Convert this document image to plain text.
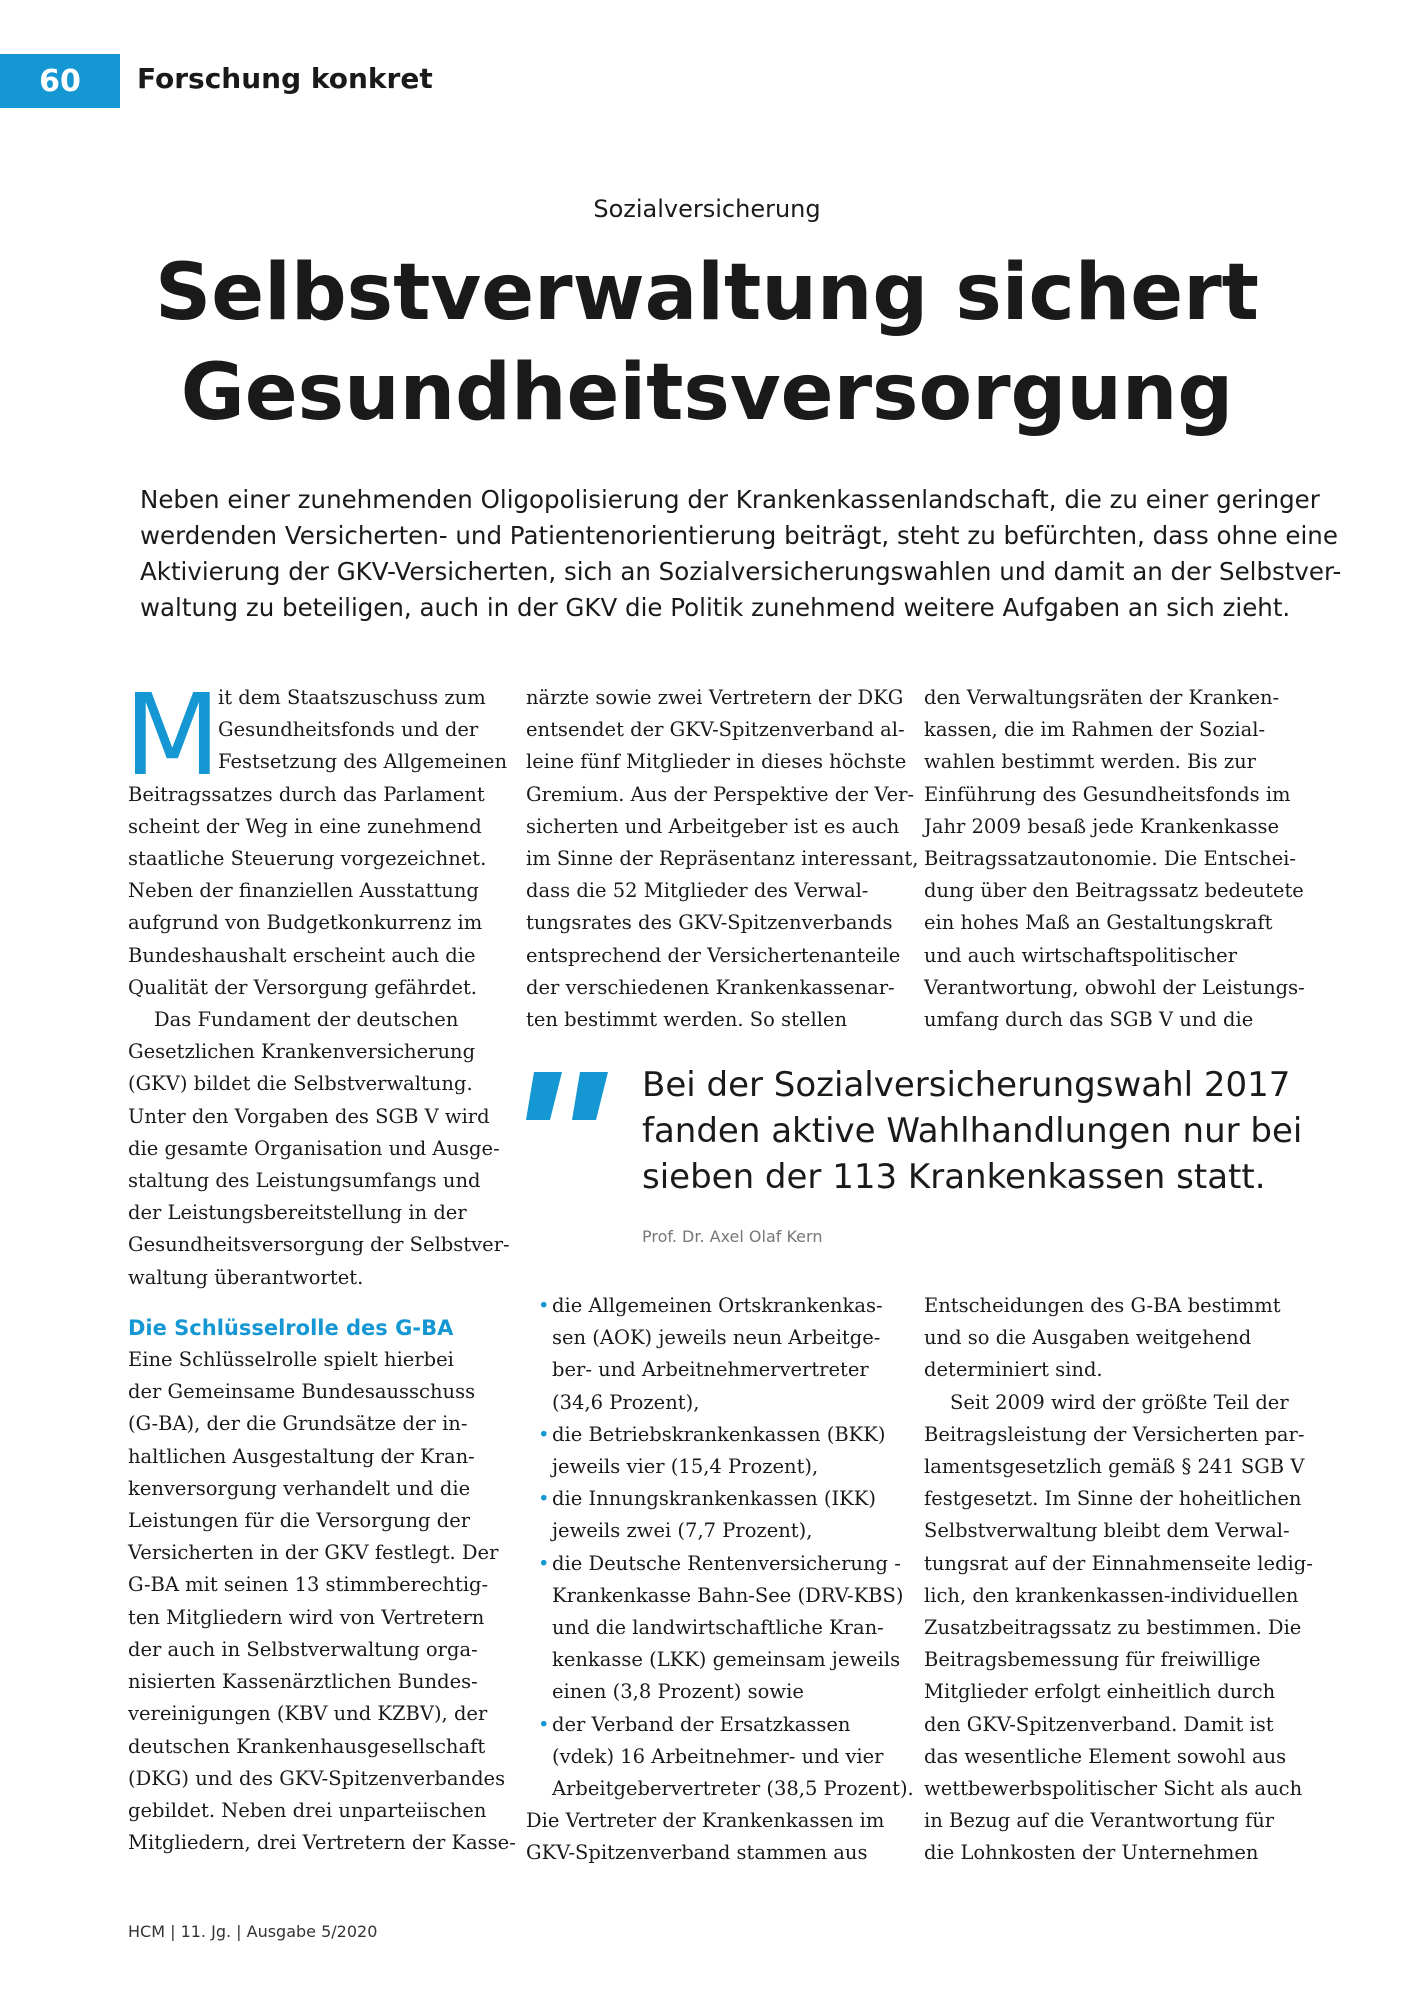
60	Forschung konkret
Sozialversicherung
Selbstverwaltung sichert
Gesundheitsversorgung
Neben einer zunehmenden Oligopolisierung der Krankenkassenlandschaft, die zu einer geringer
werdenden Versicherten- und Patientenorientierung beiträgt, steht zu befürchten, dass ohne eine
Aktivierung der GKV-Versicherten, sich an Sozialversicherungswahlen und damit an der Selbstver-
waltung zu beteiligen, auch in der GKV die Politik zunehmend weitere Aufgaben an sich zieht.
M
it dem Staatszuschuss zum
Gesundheitsfonds und der
Festsetzung des Allgemeinen
Beitragssatzes durch das Parlament
scheint der Weg in eine zunehmend
staatliche Steuerung vorgezeichnet.
Neben der finanziellen Ausstattung
aufgrund von Budgetkonkurrenz im
Bundeshaushalt erscheint auch die
Qualität der Versorgung gefährdet.
Das Fundament der deutschen
Gesetzlichen Krankenversicherung
(GKV) bildet die Selbstverwaltung.
Unter den Vorgaben des SGB V wird
die gesamte Organisation und Ausge-
staltung des Leistungsumfangs und
der Leistungsbereitstellung in der
Gesundheitsversorgung der Selbstver-
waltung überantwortet.
Die Schlüsselrolle des G-BA
Eine Schlüsselrolle spielt hierbei
der Gemeinsame Bundesausschuss
(G-BA), der die Grundsätze der in-
haltlichen Ausgestaltung der Kran-
kenversorgung verhandelt und die
Leistungen für die Versorgung der
Versicherten in der GKV festlegt. Der
G-BA mit seinen 13 stimmberechtig-
ten Mitgliedern wird von Vertretern
der auch in Selbstverwaltung orga-
nisierten Kassenärztlichen Bundes-
vereinigungen (KBV und KZBV), der
deutschen Krankenhausgesellschaft
(DKG) und des GKV-Spitzenverbandes
gebildet. Neben drei unparteiischen
Mitgliedern, drei Vertretern der Kasse-
närzte sowie zwei Vertretern der DKG
entsendet der GKV-Spitzenverband al-
leine fünf Mitglieder in dieses höchste
Gremium. Aus der Perspektive der Ver-
sicherten und Arbeitgeber ist es auch
im Sinne der Repräsentanz interessant,
dass die 52 Mitglieder des Verwal-
tungsrates des GKV-Spitzenverbands
entsprechend der Versichertenanteile
der verschiedenen Krankenkassenar-
ten bestimmt werden. So stellen
den Verwaltungsräten der Kranken-
kassen, die im Rahmen der Sozial-
wahlen bestimmt werden. Bis zur
Einführung des Gesundheitsfonds im
Jahr 2009 besaß jede Krankenkasse
Beitragssatzautonomie. Die Entschei-
dung über den Beitragssatz bedeutete
ein hohes Maß an Gestaltungskraft
und auch wirtschaftspolitischer
Verantwortung, obwohl der Leistungs-
umfang durch das SGB V und die
Bei der Sozialversicherungswahl 2017
fanden aktive Wahlhandlungen nur bei
sieben der 113 Krankenkassen statt.
Prof. Dr. Axel Olaf Kern
• die Allgemeinen Ortskrankenkas-
sen (AOK) jeweils neun Arbeitge-
ber- und Arbeitnehmervertreter
(34,6 Prozent),
• die Betriebskrankenkassen (BKK)
jeweils vier (15,4 Prozent),
• die Innungskrankenkassen (IKK)
jeweils zwei (7,7 Prozent),
• die Deutsche Rentenversicherung -
Krankenkasse Bahn-See (DRV-KBS)
und die landwirtschaftliche Kran-
kenkasse (LKK) gemeinsam jeweils
einen (3,8 Prozent) sowie
• der Verband der Ersatzkassen
(vdek) 16 Arbeitnehmer- und vier
Arbeitgebervertreter (38,5 Prozent).
Die Vertreter der Krankenkassen im
GKV-Spitzenverband stammen aus
Entscheidungen des G-BA bestimmt
und so die Ausgaben weitgehend
determiniert sind.
Seit 2009 wird der größte Teil der
Beitragsleistung der Versicherten par-
lamentsgesetzlich gemäß § 241 SGB V
festgesetzt. Im Sinne der hoheitlichen
Selbstverwaltung bleibt dem Verwal-
tungsrat auf der Einnahmenseite ledig-
lich, den krankenkassen-individuellen
Zusatzbeitragssatz zu bestimmen. Die
Beitragsbemessung für freiwillige
Mitglieder erfolgt einheitlich durch
den GKV-Spitzenverband. Damit ist
das wesentliche Element sowohl aus
wettbewerbspolitischer Sicht als auch
in Bezug auf die Verantwortung für
die Lohnkosten der Unternehmen
HCM | 11. Jg. | Ausgabe 5/2020
